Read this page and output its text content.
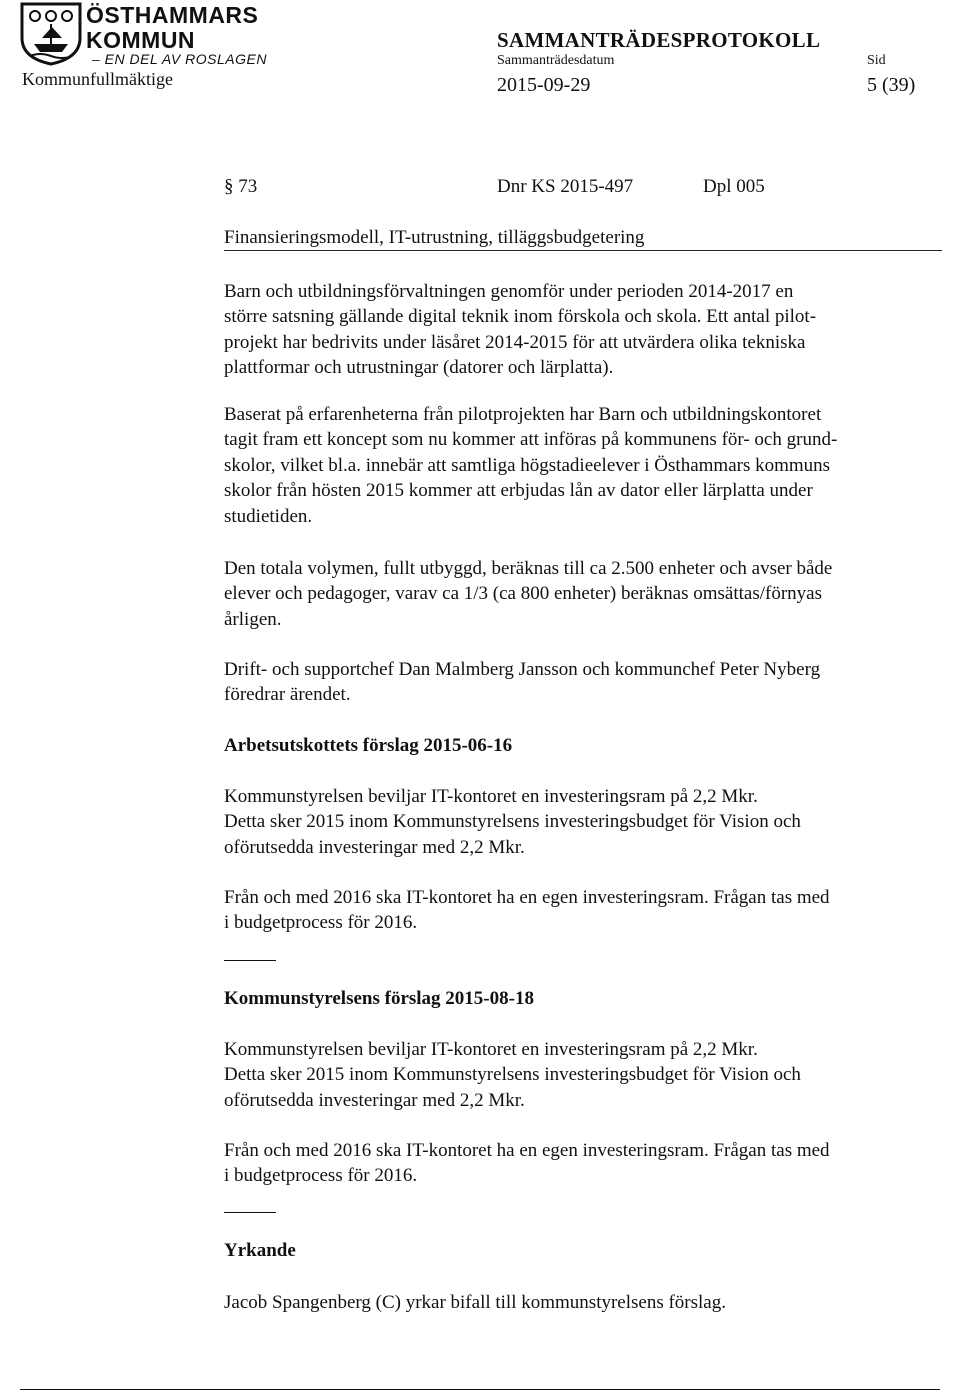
ÖSTHAMMARS
KOMMUN
– EN DEL AV ROSLAGEN
Kommunfullmäktige
SAMMANTRÄDESPROTOKOLL
Sammanträdesdatum	Sid
2015-09-29	5 (39)
§ 73	Dnr KS 2015-497	Dpl 005
Finansieringsmodell, IT-utrustning, tilläggsbudgetering
Barn och utbildningsförvaltningen genomför under perioden 2014-2017 en
större satsning gällande digital teknik inom förskola och skola. Ett antal pilot-
projekt har bedrivits under läsåret 2014-2015 för att utvärdera olika tekniska
plattformar och utrustningar (datorer och lärplatta).
Baserat på erfarenheterna från pilotprojekten har Barn och utbildningskontoret
tagit fram ett koncept som nu kommer att införas på kommunens för- och grund-
skolor, vilket bl.a. innebär att samtliga högstadieelever i Östhammars kommuns
skolor från hösten 2015 kommer att erbjudas lån av dator eller lärplatta under
studietiden.
Den totala volymen, fullt utbyggd, beräknas till ca 2.500 enheter och avser både
elever och pedagoger, varav ca 1/3 (ca 800 enheter) beräknas omsättas/förnyas
årligen.
Drift- och supportchef Dan Malmberg Jansson och kommunchef Peter Nyberg
föredrar ärendet.
Arbetsutskottets förslag 2015-06-16
Kommunstyrelsen beviljar IT-kontoret en investeringsram på 2,2 Mkr.
Detta sker 2015 inom Kommunstyrelsens investeringsbudget för Vision och
oförutsedda investeringar med 2,2 Mkr.
Från och med 2016 ska IT-kontoret ha en egen investeringsram. Frågan tas med
i budgetprocess för 2016.
Kommunstyrelsens förslag 2015-08-18
Kommunstyrelsen beviljar IT-kontoret en investeringsram på 2,2 Mkr.
Detta sker 2015 inom Kommunstyrelsens investeringsbudget för Vision och
oförutsedda investeringar med 2,2 Mkr.
Från och med 2016 ska IT-kontoret ha en egen investeringsram. Frågan tas med
i budgetprocess för 2016.
Yrkande
Jacob Spangenberg (C) yrkar bifall till kommunstyrelsens förslag.
